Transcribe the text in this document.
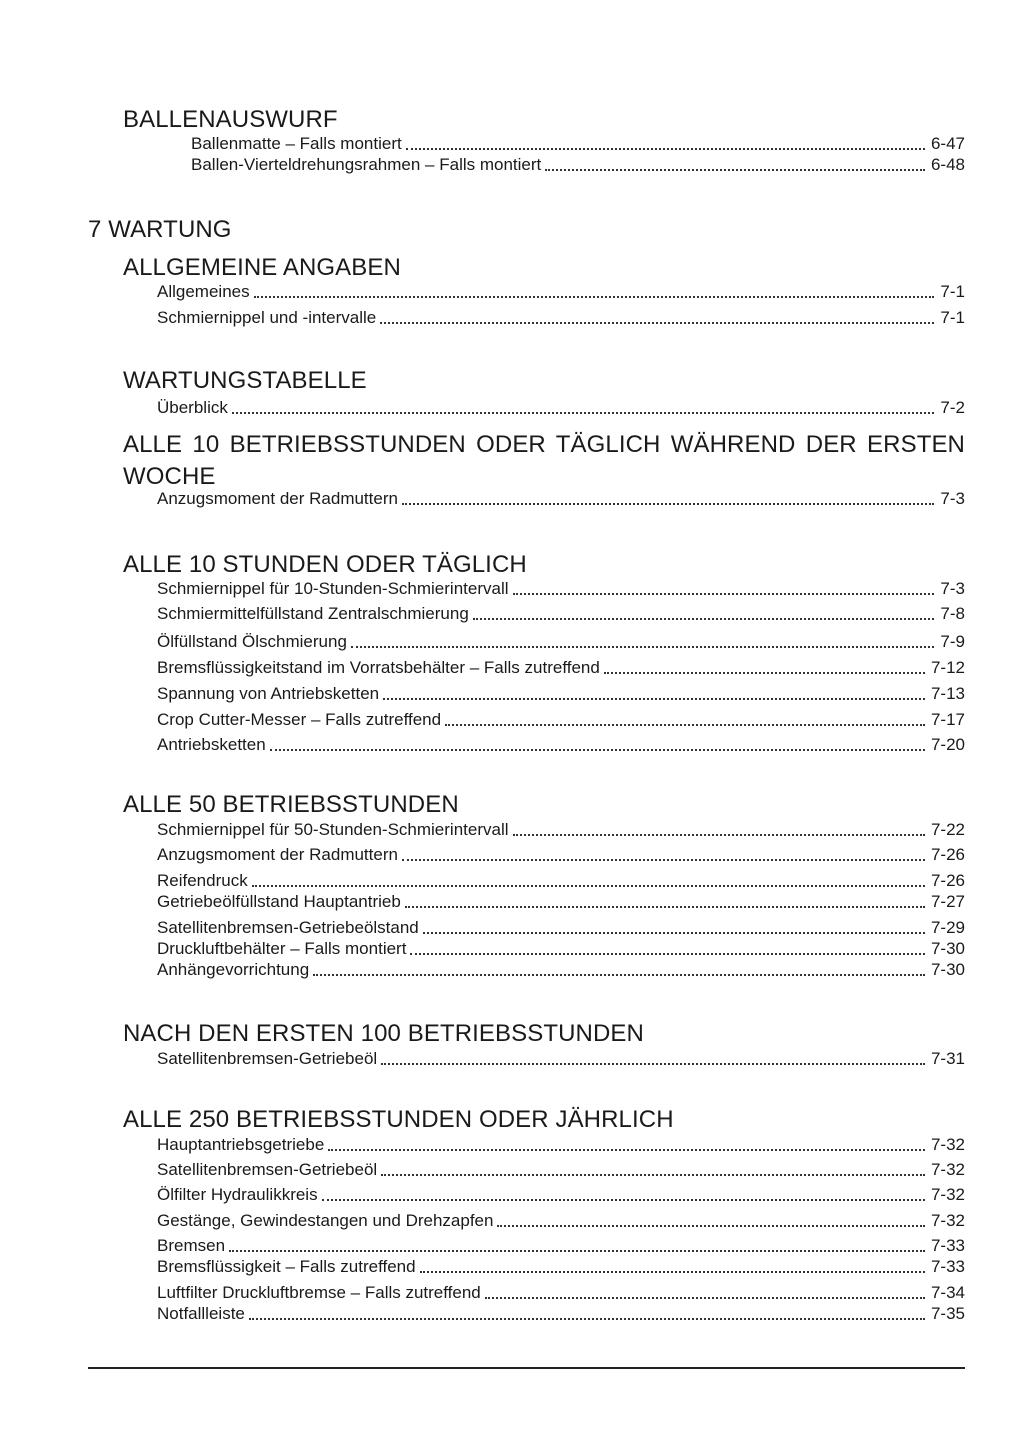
BALLENAUSWURF
Ballenmatte – Falls montiert	6-47
Ballen-Vierteldrehungsrahmen – Falls montiert	6-48
7 WARTUNG
ALLGEMEINE ANGABEN
Allgemeines	7-1
Schmiernippel und -intervalle	7-1
WARTUNGSTABELLE
Überblick	7-2
ALLE 10 BETRIEBSSTUNDEN ODER TÄGLICH WÄHREND DER ERSTEN WOCHE
Anzugsmoment der Radmuttern	7-3
ALLE 10 STUNDEN ODER TÄGLICH
Schmiernippel für 10-Stunden-Schmierintervall	7-3
Schmiermittelfüllstand Zentralschmierung	7-8
Ölfüllstand Ölschmierung	7-9
Bremsflüssigkeitstand im Vorratsbehälter – Falls zutreffend	7-12
Spannung von Antriebsketten	7-13
Crop Cutter-Messer – Falls zutreffend	7-17
Antriebsketten	7-20
ALLE 50 BETRIEBSSTUNDEN
Schmiernippel für 50-Stunden-Schmierintervall	7-22
Anzugsmoment der Radmuttern	7-26
Reifendruck	7-26
Getriebeölfüllstand Hauptantrieb	7-27
Satellitenbremsen-Getriebeölstand	7-29
Druckluftbehälter – Falls montiert	7-30
Anhängevorrichtung	7-30
NACH DEN ERSTEN 100 BETRIEBSSTUNDEN
Satellitenbremsen-Getriebeöl	7-31
ALLE 250 BETRIEBSSTUNDEN ODER JÄHRLICH
Hauptantriebsgetriebe	7-32
Satellitenbremsen-Getriebeöl	7-32
Ölfilter Hydraulikkreis	7-32
Gestänge, Gewindestangen und Drehzapfen	7-32
Bremsen	7-33
Bremsflüssigkeit – Falls zutreffend	7-33
Luftfilter Druckluftbremse – Falls zutreffend	7-34
Notfallleiste	7-35
